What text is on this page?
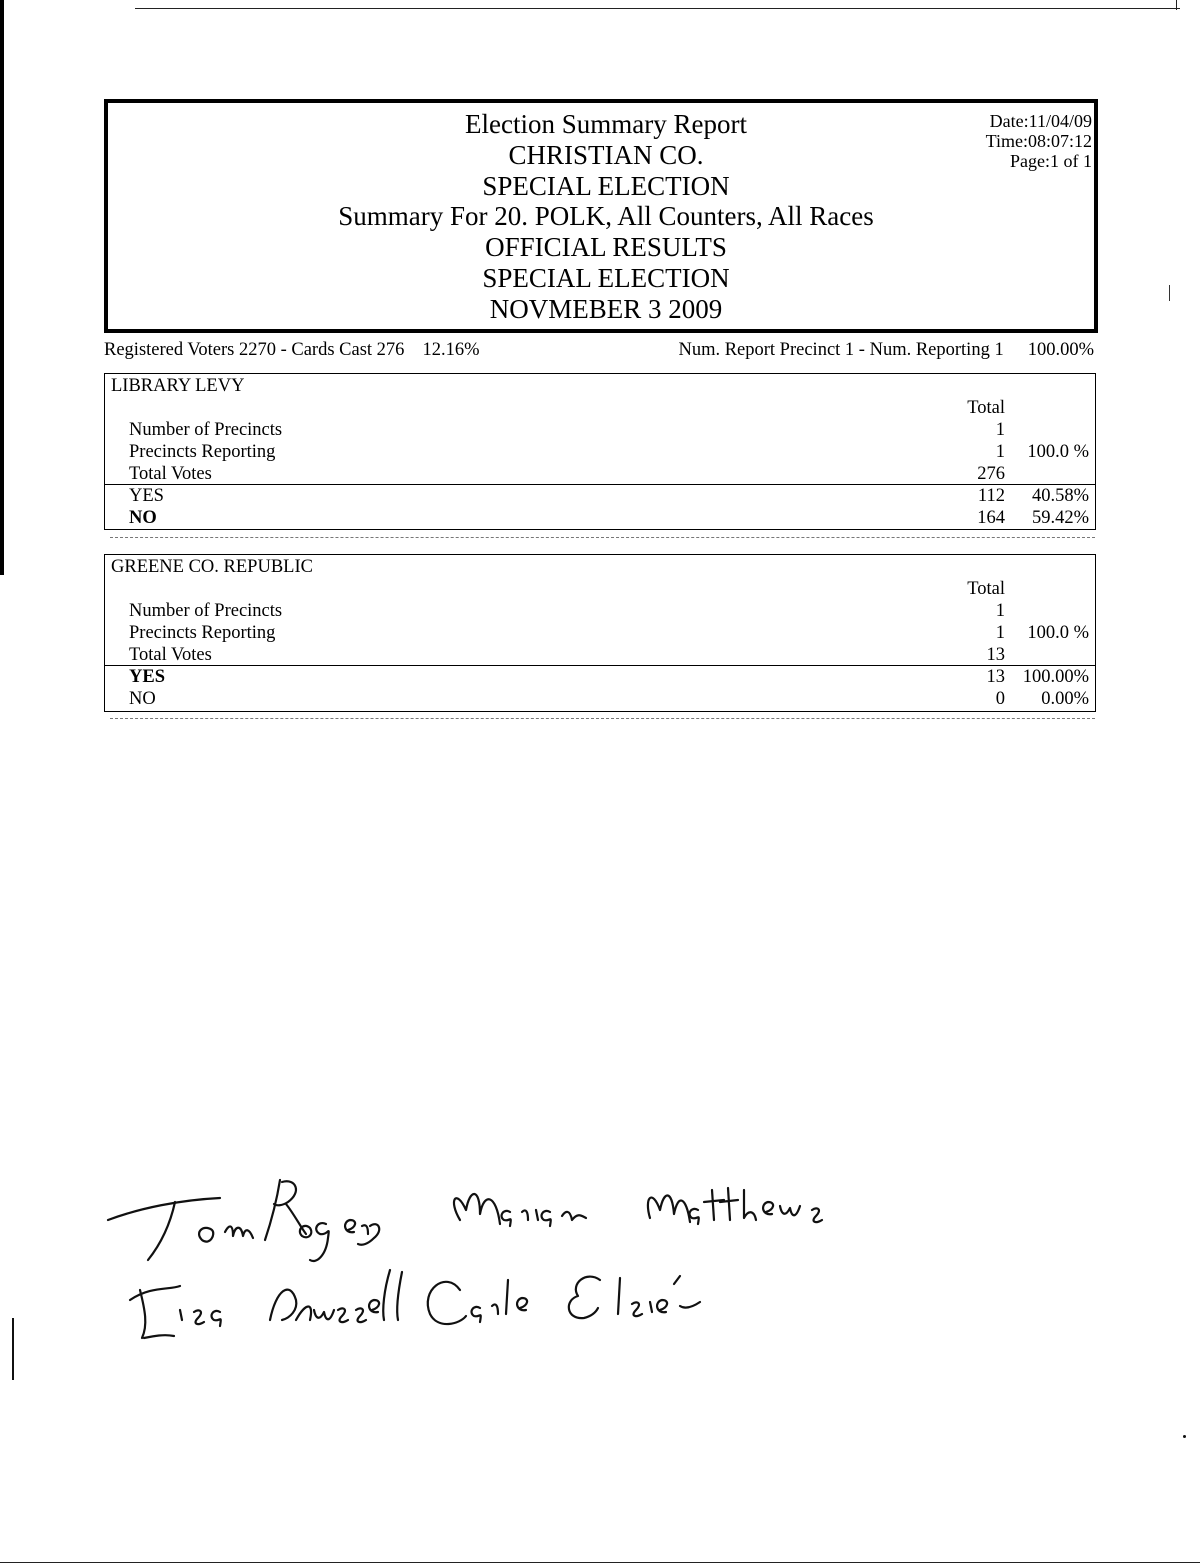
Election Summary Report
CHRISTIAN CO.
SPECIAL ELECTION
Summary For 20. POLK, All Counters, All Races
OFFICIAL RESULTS
SPECIAL ELECTION
NOVMEBER 3 2009
Date:11/04/09
Time:08:07:12
Page:1 of 1
Registered Voters 2270 - Cards Cast 276 12.16%	Num. Report Precinct 1 - Num. Reporting 1 100.00%
LIBRARY LEVY
Total
Number of Precincts	1
Precincts Reporting	1 100.0 %
Total Votes	276
YES	112 40.58%
NO	164 59.42%
GREENE CO. REPUBLIC
Total
Number of Precincts	1
Precincts Reporting	1 100.0 %
Total Votes	13
YES	13 100.00%
NO	0 0.00%
